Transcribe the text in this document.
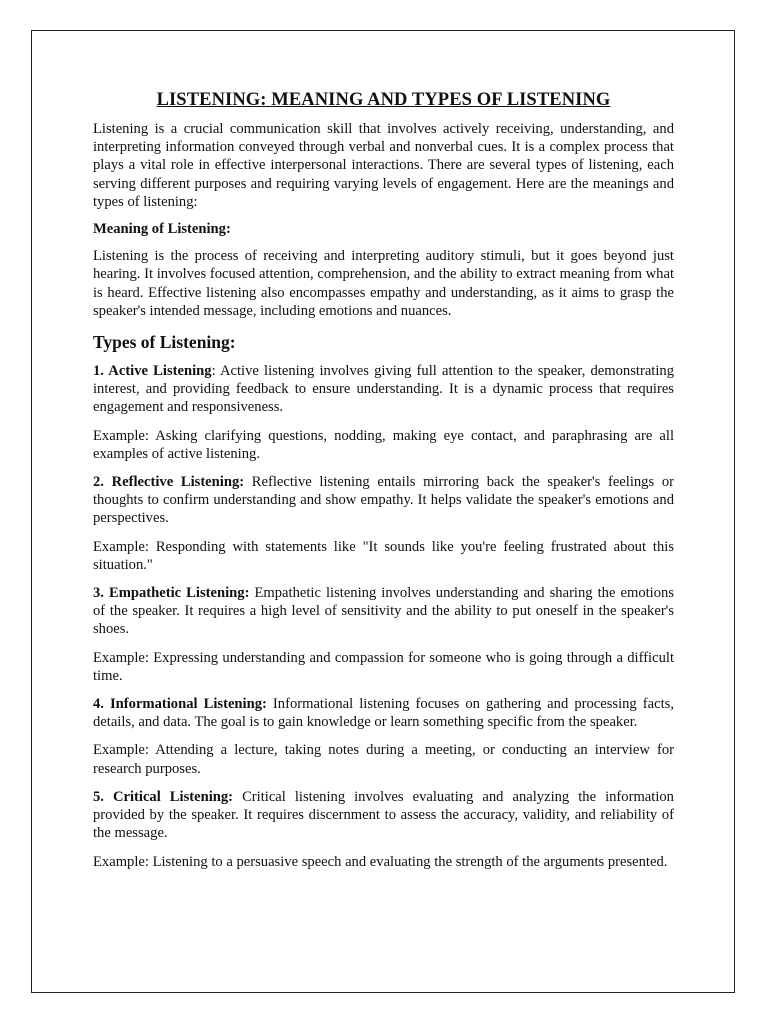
LISTENING: MEANING AND TYPES OF LISTENING

Listening is a crucial communication skill that involves actively receiving, understanding, and interpreting information conveyed through verbal and nonverbal cues. It is a complex process that plays a vital role in effective interpersonal interactions. There are several types of listening, each serving different purposes and requiring varying levels of engagement. Here are the meanings and types of listening:

Meaning of Listening:

Listening is the process of receiving and interpreting auditory stimuli, but it goes beyond just hearing. It involves focused attention, comprehension, and the ability to extract meaning from what is heard. Effective listening also encompasses empathy and understanding, as it aims to grasp the speaker's intended message, including emotions and nuances.

Types of Listening:

1. Active Listening: Active listening involves giving full attention to the speaker, demonstrating interest, and providing feedback to ensure understanding. It is a dynamic process that requires engagement and responsiveness.

Example: Asking clarifying questions, nodding, making eye contact, and paraphrasing are all examples of active listening.

2. Reflective Listening: Reflective listening entails mirroring back the speaker's feelings or thoughts to confirm understanding and show empathy. It helps validate the speaker's emotions and perspectives.

Example: Responding with statements like "It sounds like you're feeling frustrated about this situation."

3. Empathetic Listening: Empathetic listening involves understanding and sharing the emotions of the speaker. It requires a high level of sensitivity and the ability to put oneself in the speaker's shoes.

Example: Expressing understanding and compassion for someone who is going through a difficult time.

4. Informational Listening: Informational listening focuses on gathering and processing facts, details, and data. The goal is to gain knowledge or learn something specific from the speaker.

Example: Attending a lecture, taking notes during a meeting, or conducting an interview for research purposes.

5. Critical Listening: Critical listening involves evaluating and analyzing the information provided by the speaker. It requires discernment to assess the accuracy, validity, and reliability of the message.

Example: Listening to a persuasive speech and evaluating the strength of the arguments presented.
